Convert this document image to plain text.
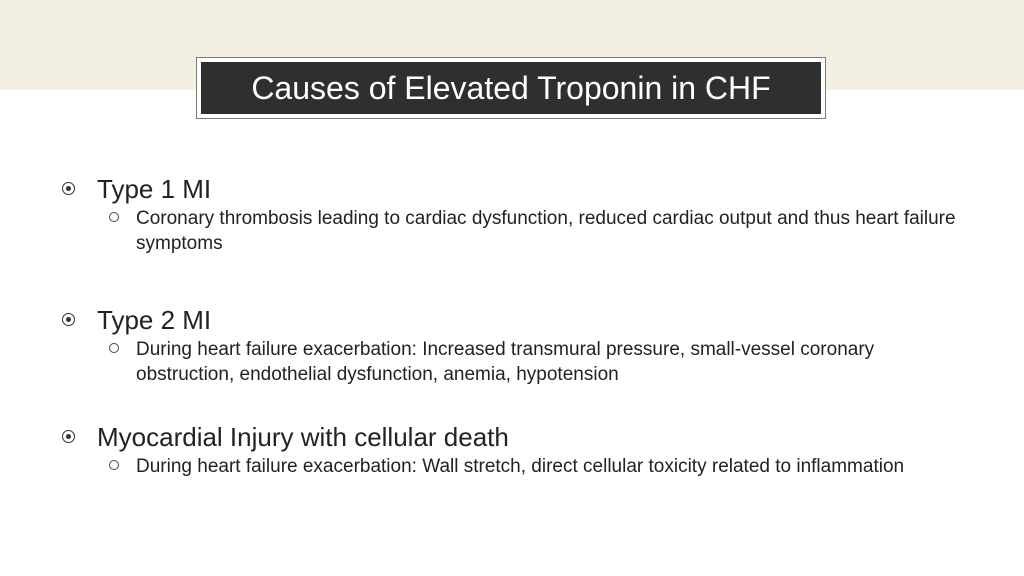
Causes of Elevated Troponin in CHF
Type 1 MI
Coronary thrombosis leading to cardiac dysfunction, reduced cardiac output and thus heart failure symptoms
Type 2 MI
During heart failure exacerbation: Increased transmural pressure, small-vessel coronary obstruction, endothelial dysfunction, anemia, hypotension
Myocardial Injury with cellular death
During heart failure exacerbation: Wall stretch, direct cellular toxicity related to inflammation
